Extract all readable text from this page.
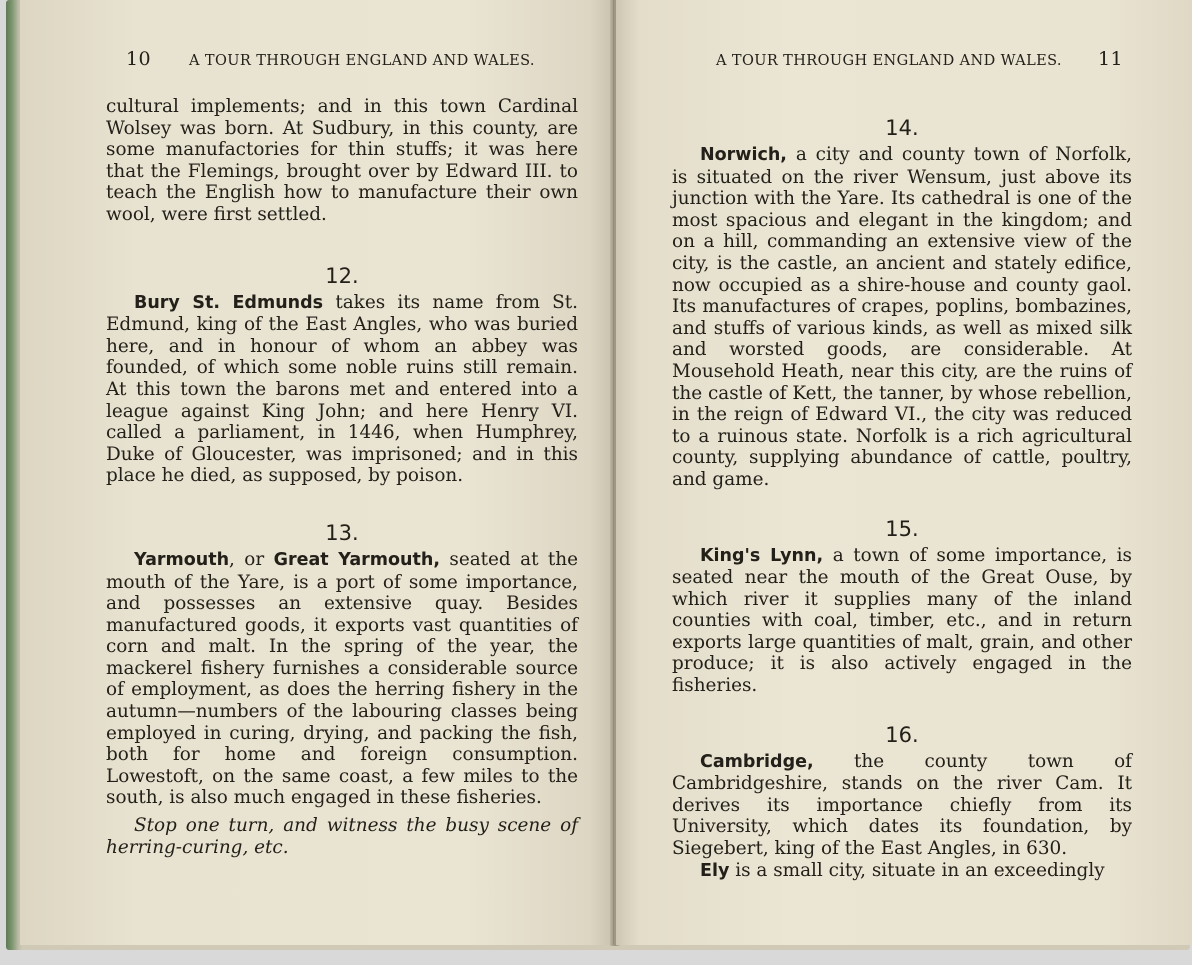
10	A TOUR THROUGH ENGLAND AND WALES.

cultural implements; and in this town Cardinal Wolsey was born. At Sudbury, in this county, are some manufactories for thin stuffs; it was here that the Flemings, brought over by Edward III. to teach the English how to manufacture their own wool, were first settled.

12.

Bury St. Edmunds takes its name from St. Edmund, king of the East Angles, who was buried here, and in honour of whom an abbey was founded, of which some noble ruins still remain. At this town the barons met and entered into a league against King John; and here Henry VI. called a parliament, in 1446, when Humphrey, Duke of Gloucester, was imprisoned; and in this place he died, as supposed, by poison.

13.

Yarmouth, or Great Yarmouth, seated at the mouth of the Yare, is a port of some importance, and possesses an extensive quay. Besides manufactured goods, it exports vast quantities of corn and malt. In the spring of the year, the mackerel fishery furnishes a considerable source of employment, as does the herring fishery in the autumn—numbers of the labouring classes being employed in curing, drying, and packing the fish, both for home and foreign consumption. Lowestoft, on the same coast, a few miles to the south, is also much engaged in these fisheries.

Stop one turn, and witness the busy scene of herring-curing, etc.

A TOUR THROUGH ENGLAND AND WALES. 11

14.

Norwich, a city and county town of Norfolk, is situated on the river Wensum, just above its junction with the Yare. Its cathedral is one of the most spacious and elegant in the kingdom; and on a hill, commanding an extensive view of the city, is the castle, an ancient and stately edifice, now occupied as a shire-house and county gaol. Its manufactures of crapes, poplins, bombazines, and stuffs of various kinds, as well as mixed silk and worsted goods, are considerable. At Mousehold Heath, near this city, are the ruins of the castle of Kett, the tanner, by whose rebellion, in the reign of Edward VI., the city was reduced to a ruinous state. Norfolk is a rich agricultural county, supplying abundance of cattle, poultry, and game.

15.

King's Lynn, a town of some importance, is seated near the mouth of the Great Ouse, by which river it supplies many of the inland counties with coal, timber, etc., and in return exports large quantities of malt, grain, and other produce; it is also actively engaged in the fisheries.

16.

Cambridge, the county town of Cambridgeshire, stands on the river Cam. It derives its importance chiefly from its University, which dates its foundation, by Siegebert, king of the East Angles, in 630.

Ely is a small city, situate in an exceedingly
